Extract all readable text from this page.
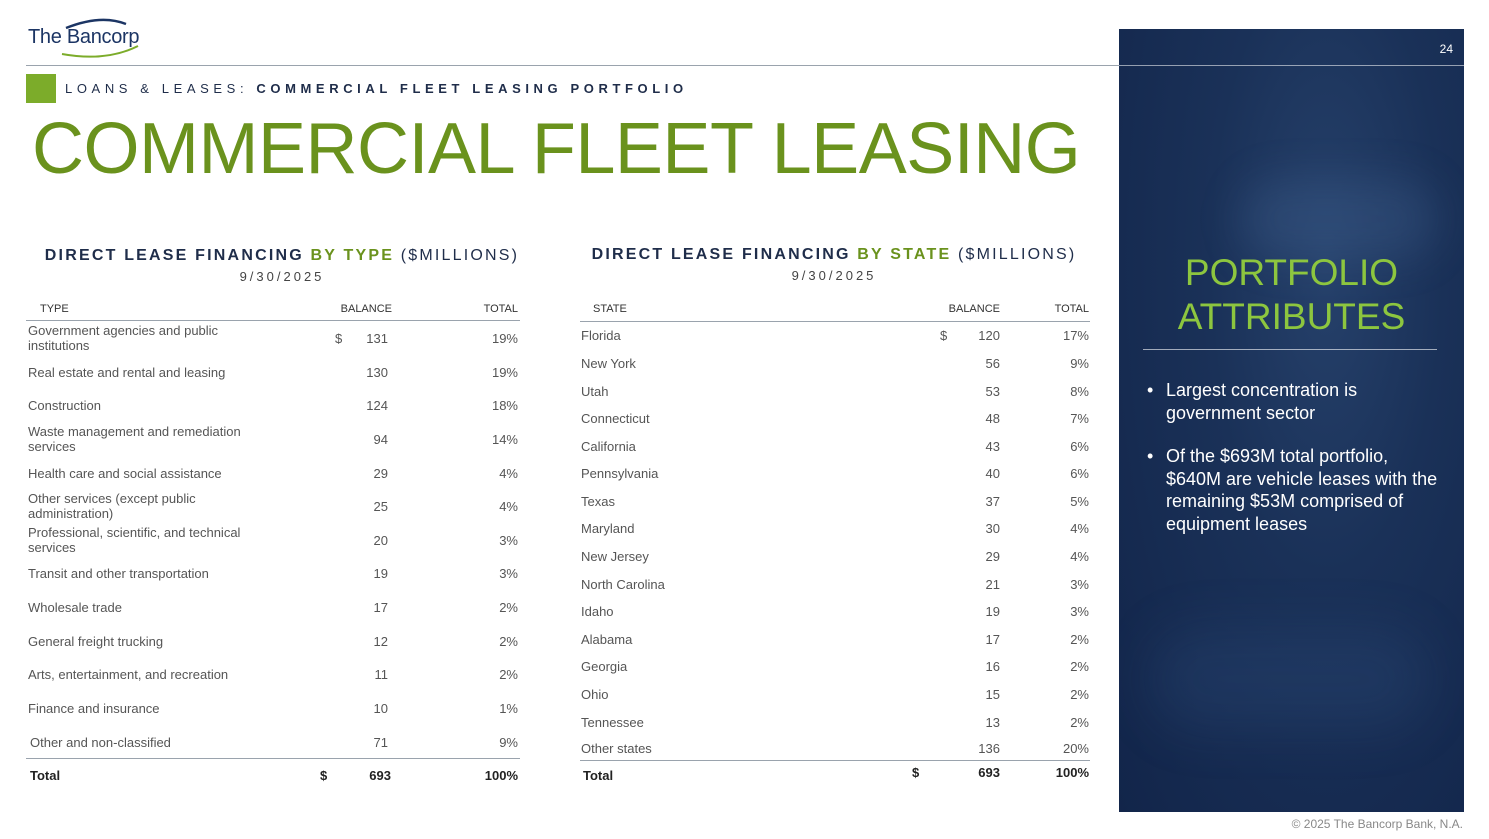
The Bancorp
LOANS & LEASES: COMMERCIAL FLEET LEASING PORTFOLIO
COMMERCIAL FLEET LEASING
DIRECT LEASE FINANCING BY TYPE ($MILLIONS)
9/30/2025
TYPE	BALANCE	TOTAL
Government agencies and public institutions	$	131	19%
Real estate and rental and leasing	130	19%
Construction	124	18%
Waste management and remediation services	94	14%
Health care and social assistance	29	4%
Other services (except public administration)	25	4%
Professional, scientific, and technical services	20	3%
Transit and other transportation	19	3%
Wholesale trade	17	2%
General freight trucking	12	2%
Arts, entertainment, and recreation	11	2%
Finance and insurance	10	1%
Other and non-classified	71	9%
Total	$	693	100%
DIRECT LEASE FINANCING BY STATE ($MILLIONS)
9/30/2025
STATE	BALANCE	TOTAL
Florida	$	120	17%
New York	56	9%
Utah	53	8%
Connecticut	48	7%
California	43	6%
Pennsylvania	40	6%
Texas	37	5%
Maryland	30	4%
New Jersey	29	4%
North Carolina	21	3%
Idaho	19	3%
Alabama	17	2%
Georgia	16	2%
Ohio	15	2%
Tennessee	13	2%
Other states	136	20%
Total	$	693	100%
24
PORTFOLIO
ATTRIBUTES
• Largest concentration is government sector
• Of the $693M total portfolio, $640M are vehicle leases with the remaining $53M comprised of equipment leases
© 2025 The Bancorp Bank, N.A.
